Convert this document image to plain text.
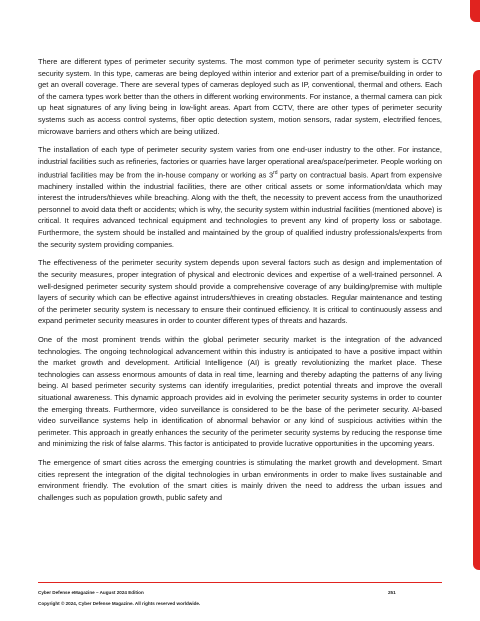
There are different types of perimeter security systems. The most common type of perimeter security system is CCTV security system. In this type, cameras are being deployed within interior and exterior part of a premise/building in order to get an overall coverage. There are several types of cameras deployed such as IP, conventional, thermal and others. Each of the camera types work better than the others in different working environments. For instance, a thermal camera can pick up heat signatures of any living being in low-light areas. Apart from CCTV, there are other types of perimeter security systems such as access control systems, fiber optic detection system, motion sensors, radar system, electrified fences, microwave barriers and others which are being utilized.

The installation of each type of perimeter security system varies from one end-user industry to the other. For instance, industrial facilities such as refineries, factories or quarries have larger operational area/space/perimeter. People working on industrial facilities may be from the in-house company or working as 3rd party on contractual basis. Apart from expensive machinery installed within the industrial facilities, there are other critical assets or some information/data which may interest the intruders/thieves while breaching. Along with the theft, the necessity to prevent access from the unauthorized personnel to avoid data theft or accidents; which is why, the security system within industrial facilities (mentioned above) is critical. It requires advanced technical equipment and technologies to prevent any kind of property loss or sabotage. Furthermore, the system should be installed and maintained by the group of qualified industry professionals/experts from the security system providing companies.

The effectiveness of the perimeter security system depends upon several factors such as design and implementation of the security measures, proper integration of physical and electronic devices and expertise of a well-trained personnel. A well-designed perimeter security system should provide a comprehensive coverage of any building/premise with multiple layers of security which can be effective against intruders/thieves in creating obstacles. Regular maintenance and testing of the perimeter security system is necessary to ensure their continued efficiency. It is critical to continuously assess and expand perimeter security measures in order to counter different types of threats and hazards.

One of the most prominent trends within the global perimeter security market is the integration of the advanced technologies. The ongoing technological advancement within this industry is anticipated to have a positive impact within the market growth and development. Artificial Intelligence (AI) is greatly revolutionizing the market place. These technologies can assess enormous amounts of data in real time, learning and thereby adapting the patterns of any living being. AI based perimeter security systems can identify irregularities, predict potential threats and improve the overall situational awareness. This dynamic approach provides aid in evolving the perimeter security systems in order to counter the emerging threats. Furthermore, video surveillance is considered to be the base of the perimeter security. AI-based video surveillance systems help in identification of abnormal behavior or any kind of suspicious activities within the perimeter. This approach in greatly enhances the security of the perimeter security systems by reducing the response time and minimizing the risk of false alarms. This factor is anticipated to provide lucrative opportunities in the upcoming years.

The emergence of smart cities across the emerging countries is stimulating the market growth and development. Smart cities represent the integration of the digital technologies in urban environments in order to make lives sustainable and environment friendly. The evolution of the smart cities is mainly driven the need to address the urban issues and challenges such as population growth, public safety and

Cyber Defense eMagazine – August 2024 Edition	251
Copyright © 2024, Cyber Defense Magazine. All rights reserved worldwide.
